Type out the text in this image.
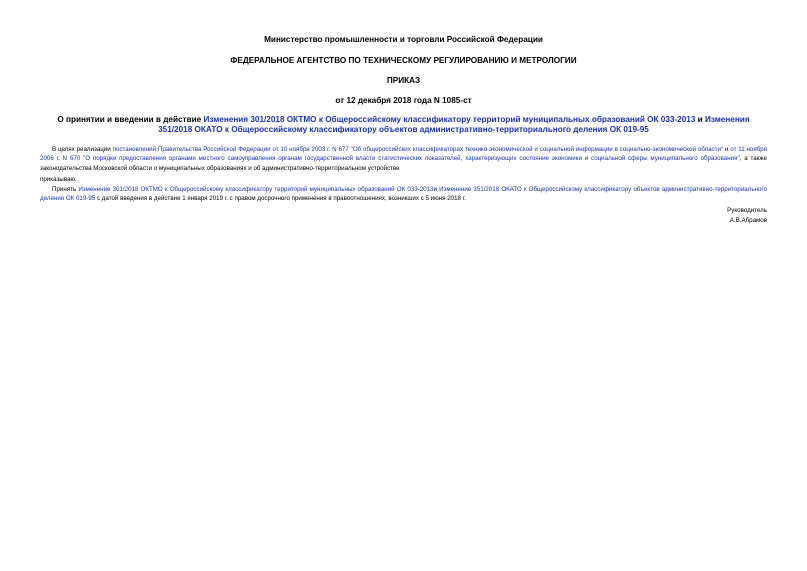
Министерство промышленности и торговли Российской Федерации
ФЕДЕРАЛЬНОЕ АГЕНТСТВО ПО ТЕХНИЧЕСКОМУ РЕГУЛИРОВАНИЮ И МЕТРОЛОГИИ
ПРИКАЗ
от 12 декабря 2018 года N 1085-ст
О принятии и введении в действие Изменения 301/2018 ОКТМО к Общероссийскому классификатору территорий муниципальных образований ОК 033-2013 и Изменения 351/2018 ОКАТО к Общероссийскому классификатору объектов административно-территориального деления ОК 019-95
В целях реализации постановлений Правительства Российской Федерации от 10 ноября 2003 г. N 677 "Об общероссийских классификаторах технико-экономической и социальной информации в социально-экономической области" и от 11 ноября 2006 г. N 670 "О порядке предоставления органами местного самоуправления органам государственной власти статистических показателей, характеризующих состояние экономики и социальной сферы муниципального образования", а также законодательства Московской области о муниципальных образованиях и об административно-территориальном устройстве
приказываю:
Принять Изменение 301/2018 ОКТМО к Общероссийскому классификатору территорий муниципальных образований ОК 033-2013и Изменение 351/2018 ОКАТО к Общероссийскому классификатору объектов административно-территориального деления ОК 019-95 с датой введения в действие 1 января 2019 г. с правом досрочного применения в правоотношениях, возникших с 5 июня 2018 г.
Руководитель
А.В.Абрамов
